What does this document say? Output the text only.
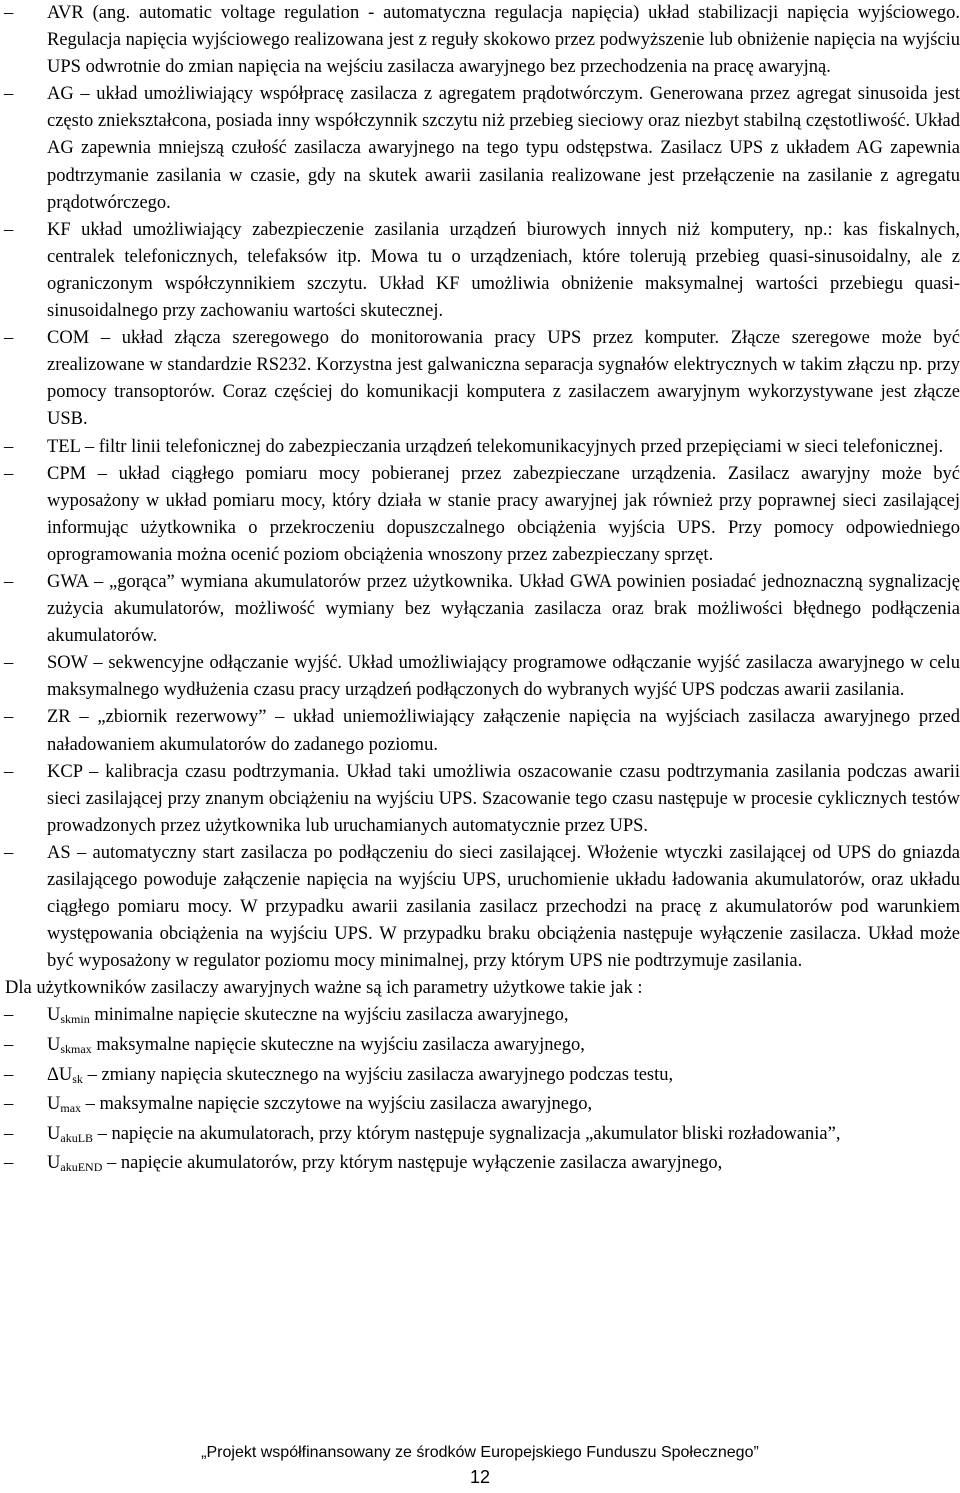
– AVR (ang. automatic voltage regulation - automatyczna regulacja napięcia) układ stabilizacji napięcia wyjściowego. Regulacja napięcia wyjściowego realizowana jest z reguły skokowo przez podwyższenie lub obniżenie napięcia na wyjściu UPS odwrotnie do zmian napięcia na wejściu zasilacza awaryjnego bez przechodzenia na pracę awaryjną.

– AG – układ umożliwiający współpracę zasilacza z agregatem prądotwórczym. Generowana przez agregat sinusoida jest często zniekształcona, posiada inny współczynnik szczytu niż przebieg sieciowy oraz niezbyt stabilną częstotliwość. Układ AG zapewnia mniejszą czułość zasilacza awaryjnego na tego typu odstępstwa. Zasilacz UPS z układem AG zapewnia podtrzymanie zasilania w czasie, gdy na skutek awarii zasilania realizowane jest przełączenie na zasilanie z agregatu prądotwórczego.

– KF układ umożliwiający zabezpieczenie zasilania urządzeń biurowych innych niż komputery, np.: kas fiskalnych, centralek telefonicznych, telefaksów itp. Mowa tu o urządzeniach, które tolerują przebieg quasi-sinusoidalny, ale z ograniczonym współczynnikiem szczytu. Układ KF umożliwia obniżenie maksymalnej wartości przebiegu quasi-sinusoidalnego przy zachowaniu wartości skutecznej.

– COM – układ złącza szeregowego do monitorowania pracy UPS przez komputer. Złącze szeregowe może być zrealizowane w standardzie RS232. Korzystna jest galwaniczna separacja sygnałów elektrycznych w takim złączu np. przy pomocy transoptorów. Coraz częściej do komunikacji komputera z zasilaczem awaryjnym wykorzystywane jest złącze USB.

– TEL – filtr linii telefonicznej do zabezpieczania urządzeń telekomunikacyjnych przed przepięciami w sieci telefonicznej.

– CPM – układ ciągłego pomiaru mocy pobieranej przez zabezpieczane urządzenia. Zasilacz awaryjny może być wyposażony w układ pomiaru mocy, który działa w stanie pracy awaryjnej jak również przy poprawnej sieci zasilającej informując użytkownika o przekroczeniu dopuszczalnego obciążenia wyjścia UPS. Przy pomocy odpowiedniego oprogramowania można ocenić poziom obciążenia wnoszony przez zabezpieczany sprzęt.

– GWA – „gorąca” wymiana akumulatorów przez użytkownika. Układ GWA powinien posiadać jednoznaczną sygnalizację zużycia akumulatorów, możliwość wymiany bez wyłączania zasilacza oraz brak możliwości błędnego podłączenia akumulatorów.

– SOW – sekwencyjne odłączanie wyjść. Układ umożliwiający programowe odłączanie wyjść zasilacza awaryjnego w celu maksymalnego wydłużenia czasu pracy urządzeń podłączonych do wybranych wyjść UPS podczas awarii zasilania.

– ZR – „zbiornik rezerwowy” – układ uniemożliwiający załączenie napięcia na wyjściach zasilacza awaryjnego przed naładowaniem akumulatorów do zadanego poziomu.

– KCP – kalibracja czasu podtrzymania. Układ taki umożliwia oszacowanie czasu podtrzymania zasilania podczas awarii sieci zasilającej przy znanym obciążeniu na wyjściu UPS. Szacowanie tego czasu następuje w procesie cyklicznych testów prowadzonych przez użytkownika lub uruchamianych automatycznie przez UPS.

– AS – automatyczny start zasilacza po podłączeniu do sieci zasilającej. Włożenie wtyczki zasilającej od UPS do gniazda zasilającego powoduje załączenie napięcia na wyjściu UPS, uruchomienie układu ładowania akumulatorów, oraz układu ciągłego pomiaru mocy. W przypadku awarii zasilania zasilacz przechodzi na pracę z akumulatorów pod warunkiem występowania obciążenia na wyjściu UPS. W przypadku braku obciążenia następuje wyłączenie zasilacza. Układ może być wyposażony w regulator poziomu mocy minimalnej, przy którym UPS nie podtrzymuje zasilania.

Dla użytkowników zasilaczy awaryjnych ważne są ich parametry użytkowe takie jak :

– $U_{skmin}$ minimalne napięcie skuteczne na wyjściu zasilacza awaryjnego,

– $U_{skmax}$ maksymalne napięcie skuteczne na wyjściu zasilacza awaryjnego,

– $\Delta U_{sk}$ – zmiany napięcia skutecznego na wyjściu zasilacza awaryjnego podczas testu,

– $U_{max}$ – maksymalne napięcie szczytowe na wyjściu zasilacza awaryjnego,

– $U_{akuLB}$ – napięcie na akumulatorach, przy którym następuje sygnalizacja „akumulator bliski rozładowania”,

– $U_{akuEND}$ – napięcie akumulatorów, przy którym następuje wyłączenie zasilacza awaryjnego,

„Projekt współfinansowany ze środków Europejskiego Funduszu Społecznego”
12
